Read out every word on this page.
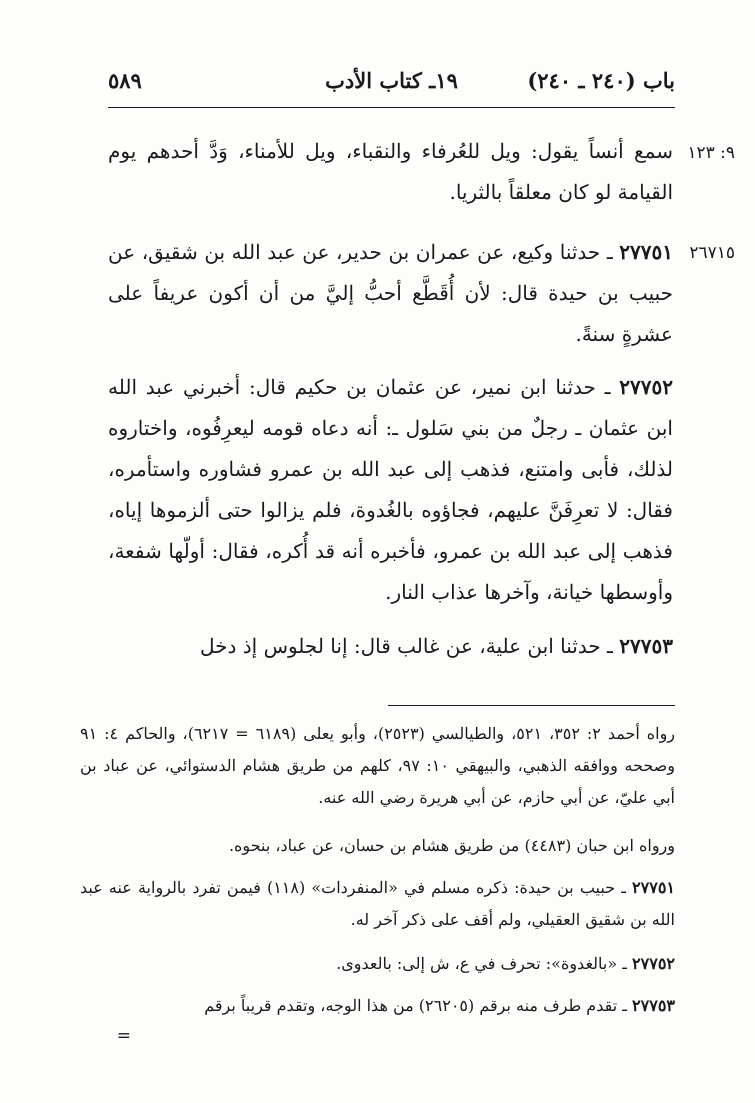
باب (٢٤٠ ـ ٢٤٠)
١٩ـ كتاب الأدب
٥٨٩
٩: ١٢٣
سمع أنساً يقول: ويل للعُرفاء والنقباء، ويل للأمناء، وَدَّ أحدهم يوم القيامة لو كان معلقاً بالثريا.
٢٦٧١٥
٢٧٧٥١ ـ حدثنا وكيع، عن عمران بن حدير، عن عبد الله بن شقيق، عن حبيب بن حيدة قال: لأن أُقَطَّع أحبُّ إليَّ من أن أكون عريفاً على عشرةٍ سنةً.
٢٧٧٥٢ ـ حدثنا ابن نمير، عن عثمان بن حكيم قال: أخبرني عبد الله ابن عثمان ـ رجلٌ من بني سَلول ـ: أنه دعاه قومه ليعرِفُوه، واختاروه لذلك، فأبى وامتنع، فذهب إلى عبد الله بن عمرو فشاوره واستأمره، فقال: لا تعرِفَنَّ عليهم، فجاؤوه بالغُدوة، فلم يزالوا حتى ألزموها إياه، فذهب إلى عبد الله بن عمرو، فأخبره أنه قد أُكره، فقال: أولّها شفعة، وأوسطها خيانة، وآخرها عذاب النار.
٢٧٧٥٣ ـ حدثنا ابن علية، عن غالب قال: إنا لجلوس إذ دخل
رواه أحمد ٢: ٣٥٢، ٥٢١، والطيالسي (٢٥٢٣)، وأبو يعلى (٦١٨٩ = ٦٢١٧)، والحاكم ٤: ٩١ وصححه ووافقه الذهبي، والبيهقي ١٠: ٩٧، كلهم من طريق هشام الدستوائي، عن عباد بن أبي عليّ، عن أبي حازم، عن أبي هريرة رضي الله عنه.
ورواه ابن حبان (٤٤٨٣) من طريق هشام بن حسان، عن عباد، بنحوه.
٢٧٧٥١ ـ حبيب بن حيدة: ذكره مسلم في «المنفردات» (١١٨) فيمن تفرد بالرواية عنه عبد الله بن شقيق العقيلي، ولم أقف على ذكر آخر له.
٢٧٧٥٢ ـ «بالغدوة»: تحرف في ع، ش إلى: بالعدوى.
٢٧٧٥٣ ـ تقدم طرف منه برقم (٢٦٢٠٥) من هذا الوجه، وتقدم قريباً برقم
=
